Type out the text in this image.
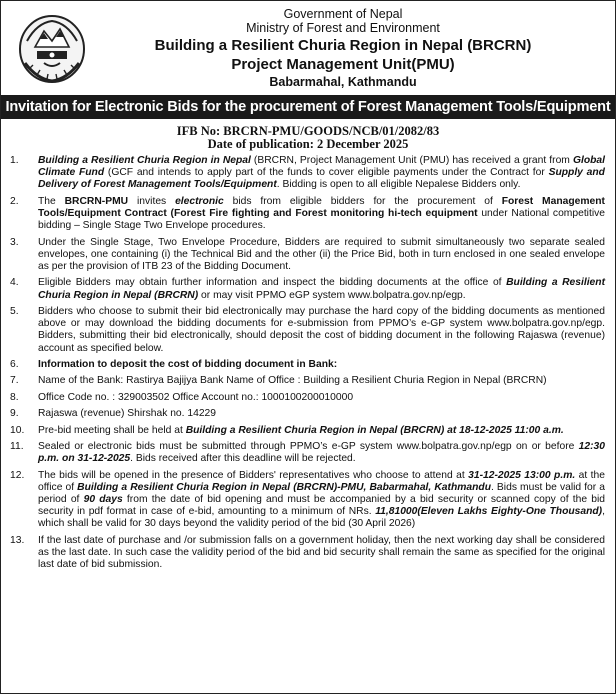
Government of Nepal
Ministry of Forest and Environment
Building a Resilient Churia Region in Nepal (BRCRN)
Project Management Unit(PMU)
Babarmahal, Kathmandu
Invitation for Electronic Bids for the procurement of Forest Management Tools/Equipment
IFB No: BRCRN-PMU/GOODS/NCB/01/2082/83
Date of publication: 2 December 2025
1. Building a Resilient Churia Region in Nepal (BRCRN, Project Management Unit (PMU) has received a grant from Global Climate Fund (GCF and intends to apply part of the funds to cover eligible payments under the Contract for Supply and Delivery of Forest Management Tools/Equipment. Bidding is open to all eligible Nepalese Bidders only.
2. The BRCRN-PMU invites electronic bids from eligible bidders for the procurement of Forest Management Tools/Equipment Contract (Forest Fire fighting and Forest monitoring hi-tech equipment under National competitive bidding – Single Stage Two Envelope procedures.
3. Under the Single Stage, Two Envelope Procedure, Bidders are required to submit simultaneously two separate sealed envelopes, one containing (i) the Technical Bid and the other (ii) the Price Bid, both in turn enclosed in one sealed envelope as per the provision of ITB 23 of the Bidding Document.
4. Eligible Bidders may obtain further information and inspect the bidding documents at the office of Building a Resilient Churia Region in Nepal (BRCRN) or may visit PPMO eGP system www.bolpatra.gov.np/egp.
5. Bidders who choose to submit their bid electronically may purchase the hard copy of the bidding documents as mentioned above or may download the bidding documents for e-submission from PPMO’s e-GP system www.bolpatra.gov.np/egp. Bidders, submitting their bid electronically, should deposit the cost of bidding document in the following Rajaswa (revenue) account as specified below.
6. Information to deposit the cost of bidding document in Bank:
7. Name of the Bank: Rastirya Bajijya Bank Name of Office : Building a Resilient Churia Region in Nepal (BRCRN)
8. Office Code no. : 329003502 Office Account no.: 1000100200010000
9. Rajaswa (revenue) Shirshak no. 14229
10. Pre-bid meeting shall be held at Building a Resilient Churia Region in Nepal (BRCRN) at 18-12-2025 11:00 a.m.
11. Sealed or electronic bids must be submitted through PPMO’s e-GP system www.bolpatra.gov.np/egp on or before 12:30 p.m. on 31-12-2025. Bids received after this deadline will be rejected.
12. The bids will be opened in the presence of Bidders' representatives who choose to attend at 31-12-2025 13:00 p.m. at the office of Building a Resilient Churia Region in Nepal (BRCRN)-PMU, Babarmahal, Kathmandu. Bids must be valid for a period of 90 days from the date of bid opening and must be accompanied by a bid security or scanned copy of the bid security in pdf format in case of e-bid, amounting to a minimum of NRs. 11,81000(Eleven Lakhs Eighty-One Thousand), which shall be valid for 30 days beyond the validity period of the bid (30 April 2026)
13. If the last date of purchase and /or submission falls on a government holiday, then the next working day shall be considered as the last date. In such case the validity period of the bid and bid security shall remain the same as specified for the original last date of bid submission.
